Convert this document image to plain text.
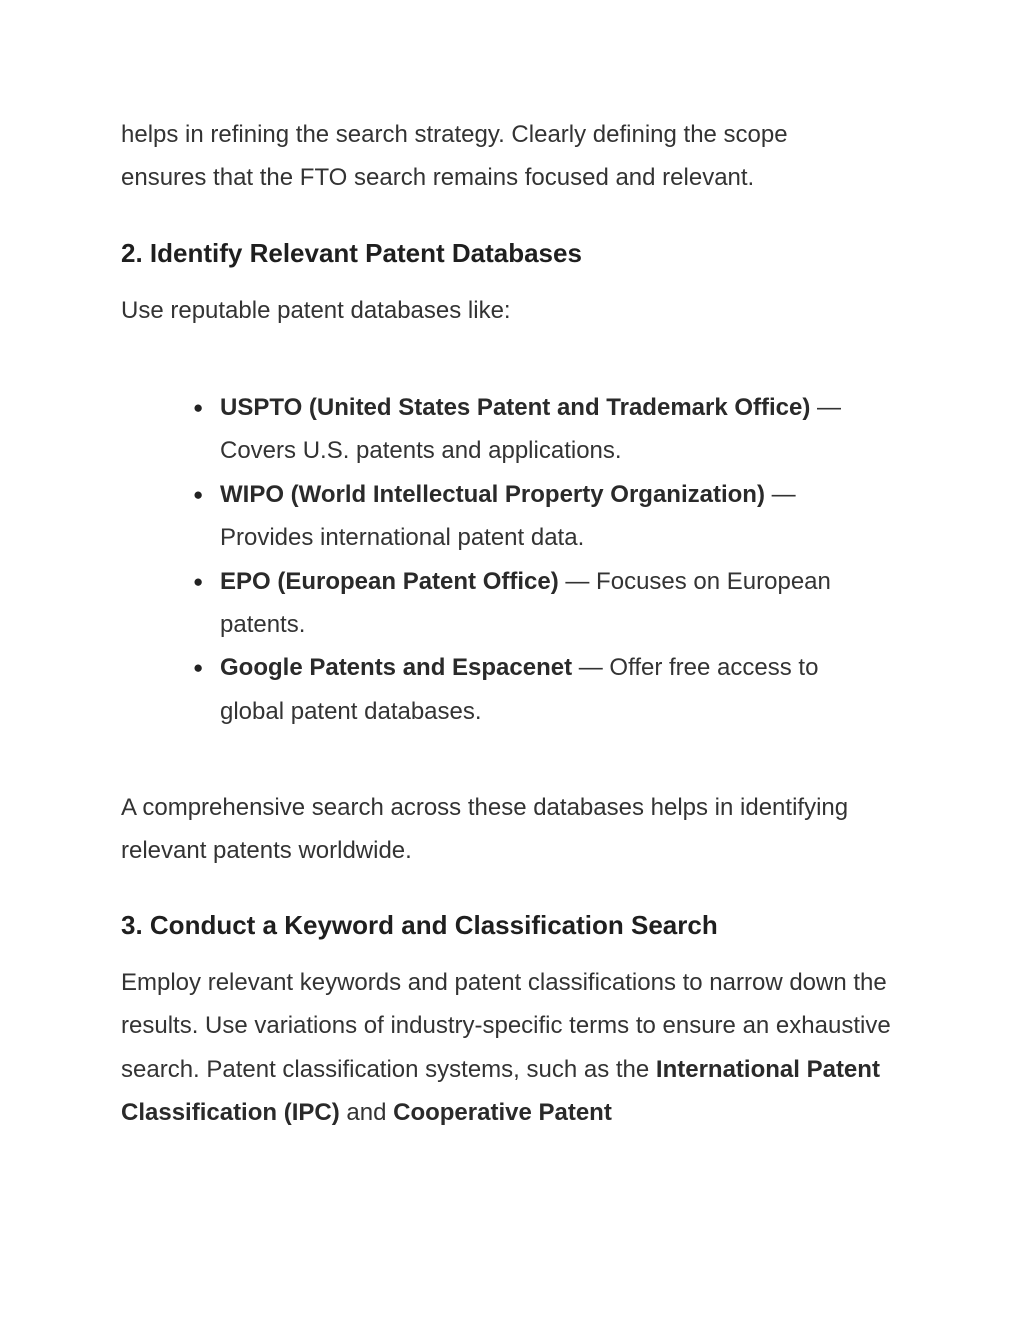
helps in refining the search strategy. Clearly defining the scope
ensures that the FTO search remains focused and relevant.

2. Identify Relevant Patent Databases

Use reputable patent databases like:

● USPTO (United States Patent and Trademark Office) — Covers U.S. patents and applications.
● WIPO (World Intellectual Property Organization) — Provides international patent data.
● EPO (European Patent Office) — Focuses on European patents.
● Google Patents and Espacenet — Offer free access to global patent databases.

A comprehensive search across these databases helps in identifying relevant patents worldwide.

3. Conduct a Keyword and Classification Search

Employ relevant keywords and patent classifications to narrow down the results. Use variations of industry-specific terms to ensure an exhaustive search. Patent classification systems, such as the International Patent Classification (IPC) and Cooperative Patent
